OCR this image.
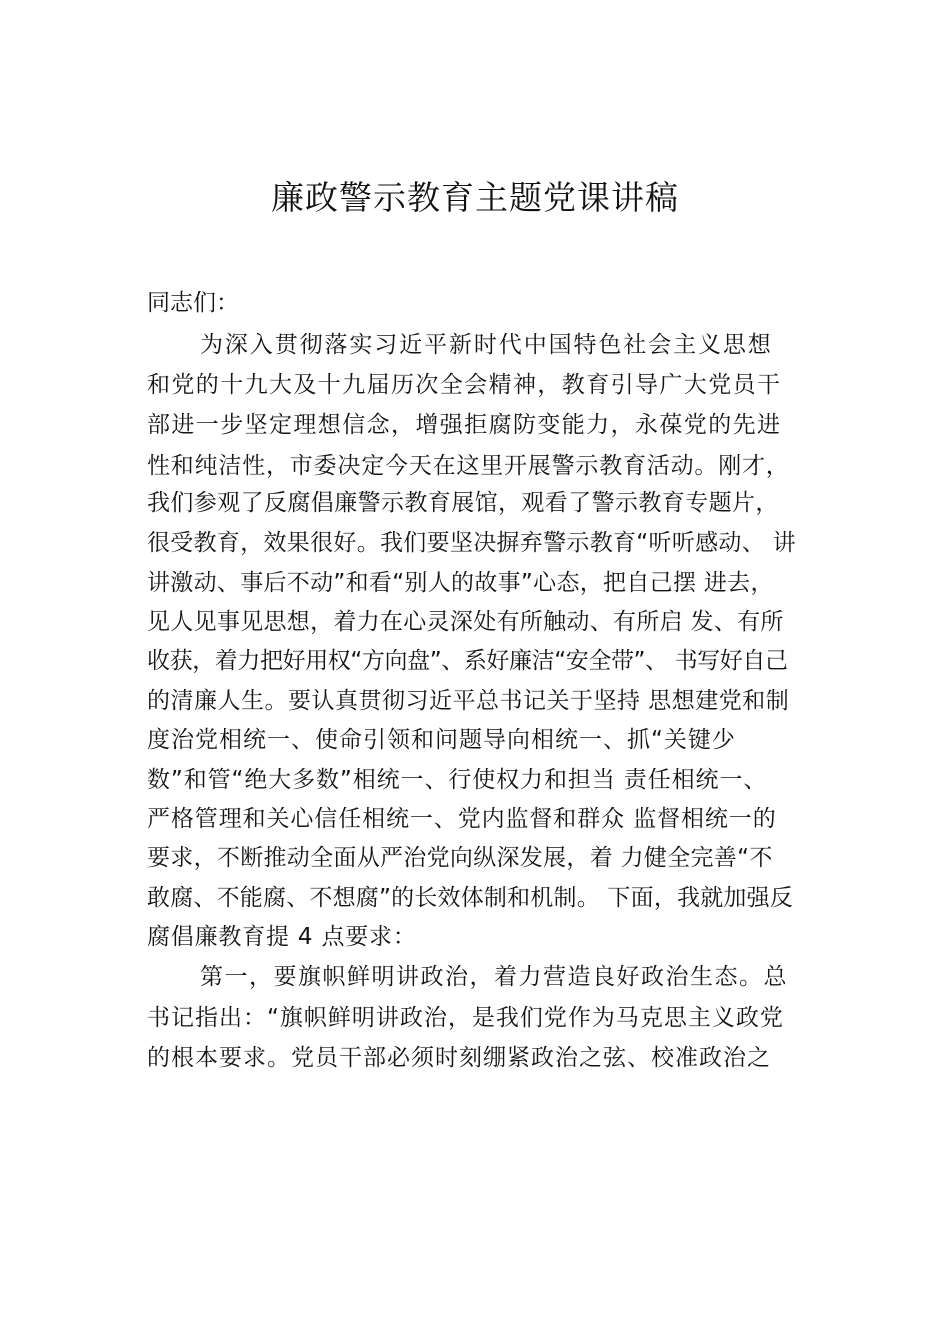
廉政警示教育主题党课讲稿
同志们：
为深入贯彻落实习近平新时代中国特色社会主义思想
和党的十九大及十九届历次全会精神，教育引导广大党员干
部进一步坚定理想信念，增强拒腐防变能力，永葆党的先进
性和纯洁性，市委决定今天在这里开展警示教育活动。刚才，
我们参观了反腐倡廉警示教育展馆，观看了警示教育专题片，
很受教育，效果很好。我们要坚决摒弃警示教育“听听感动、 讲
讲激动、事后不动”和看“别人的故事”心态，把自己摆 进去，
见人见事见思想，着力在心灵深处有所触动、有所启 发、有所
收获，着力把好用权“方向盘”、系好廉洁“安全带”、 书写好自己
的清廉人生。要认真贯彻习近平总书记关于坚持 思想建党和制
度治党相统一、使命引领和问题导向相统一、抓“关键少
数”和管“绝大多数”相统一、行使权力和担当 责任相统一、
严格管理和关心信任相统一、党内监督和群众 监督相统一的
要求，不断推动全面从严治党向纵深发展，着 力健全完善“不
敢腐、不能腐、不想腐”的长效体制和机制。 下面，我就加强反
腐倡廉教育提 4 点要求：
第一，要旗帜鲜明讲政治，着力营造良好政治生态。总
书记指出：“旗帜鲜明讲政治，是我们党作为马克思主义政党
的根本要求。党员干部必须时刻绷紧政治之弦、校准政治之
